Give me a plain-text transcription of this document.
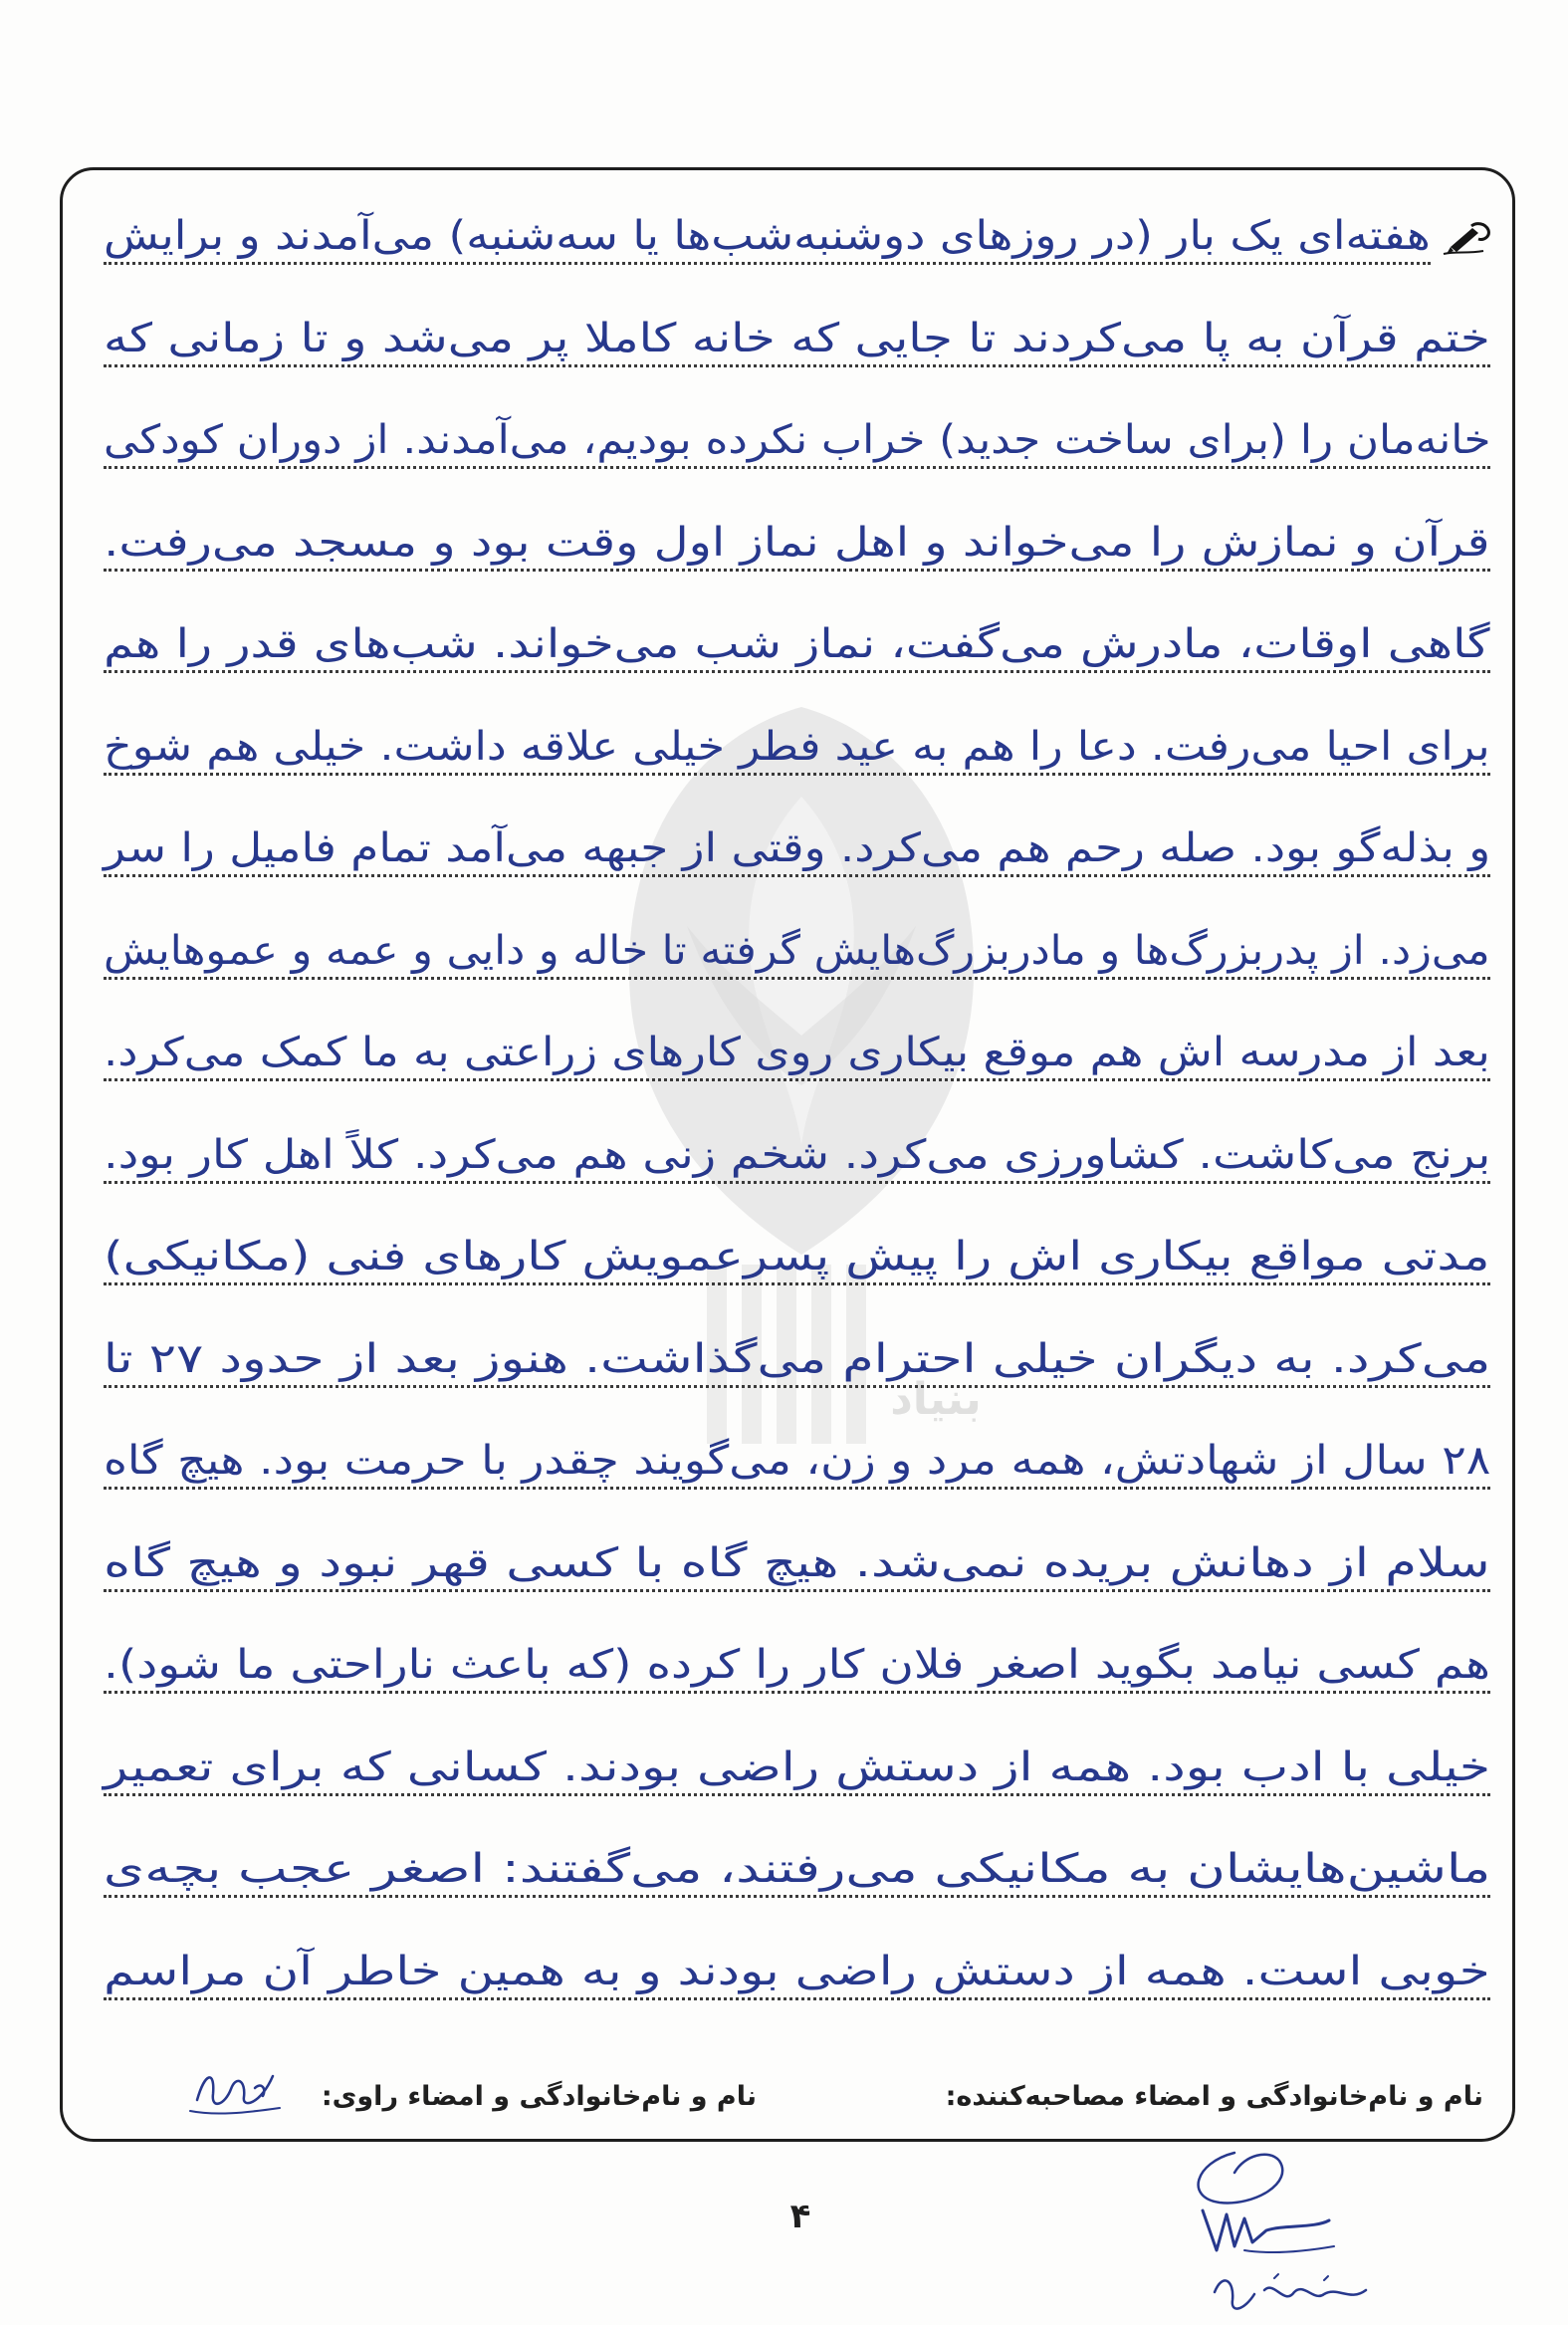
بنیاد
هفته‌ای یک بار (در روزهای دوشنبه‌شب‌ها یا سه‌شنبه) می‌آمدند و برایش
ختم قرآن به پا می‌کردند تا جایی که خانه کاملا پر می‌شد و تا زمانی که
خانه‌مان را (برای ساخت جدید) خراب نکرده بودیم، می‌آمدند. از دوران کودکی
قرآن و نمازش را می‌خواند و اهل نماز اول وقت بود و مسجد می‌رفت.
گاهی اوقات، مادرش می‌گفت، نماز شب می‌خواند. شب‌های قدر را هم
برای احیا می‌رفت. دعا را هم به عید فطر خیلی علاقه داشت. خیلی هم شوخ
و بذله‌گو بود. صله رحم هم می‌کرد. وقتی از جبهه می‌آمد تمام فامیل را سر
می‌زد. از پدربزرگ‌ها و مادربزرگ‌هایش گرفته تا خاله و دایی و عمه و عموهایش
بعد از مدرسه اش هم موقع بیکاری روی کارهای زراعتی به ما کمک می‌کرد.
برنج می‌کاشت. کشاورزی می‌کرد. شخم زنی هم می‌کرد. کلاً اهل کار بود.
مدتی مواقع بیکاری اش را پیش پسرعمویش کارهای فنی (مکانیکی)
می‌کرد. به دیگران خیلی احترام می‌گذاشت. هنوز بعد از حدود ۲۷ تا
۲۸ سال از شهادتش، همه مرد و زن، می‌گویند چقدر با حرمت بود. هیچ گاه
سلام از دهانش بریده نمی‌شد. هیچ گاه با کسی قهر نبود و هیچ گاه
هم کسی نیامد بگوید اصغر فلان کار را کرده (که باعث ناراحتی ما شود).
خیلی با ادب بود. همه از دستش راضی بودند. کسانی که برای تعمیر
ماشین‌هایشان به مکانیکی می‌رفتند، می‌گفتند: اصغر عجب بچه‌ی
خوبی است. همه از دستش راضی بودند و به همین خاطر آن مراسم
نام و نام‌خانوادگی و امضاء مصاحبه‌کننده:
نام و نام‌خانوادگی و امضاء راوی:
۴
